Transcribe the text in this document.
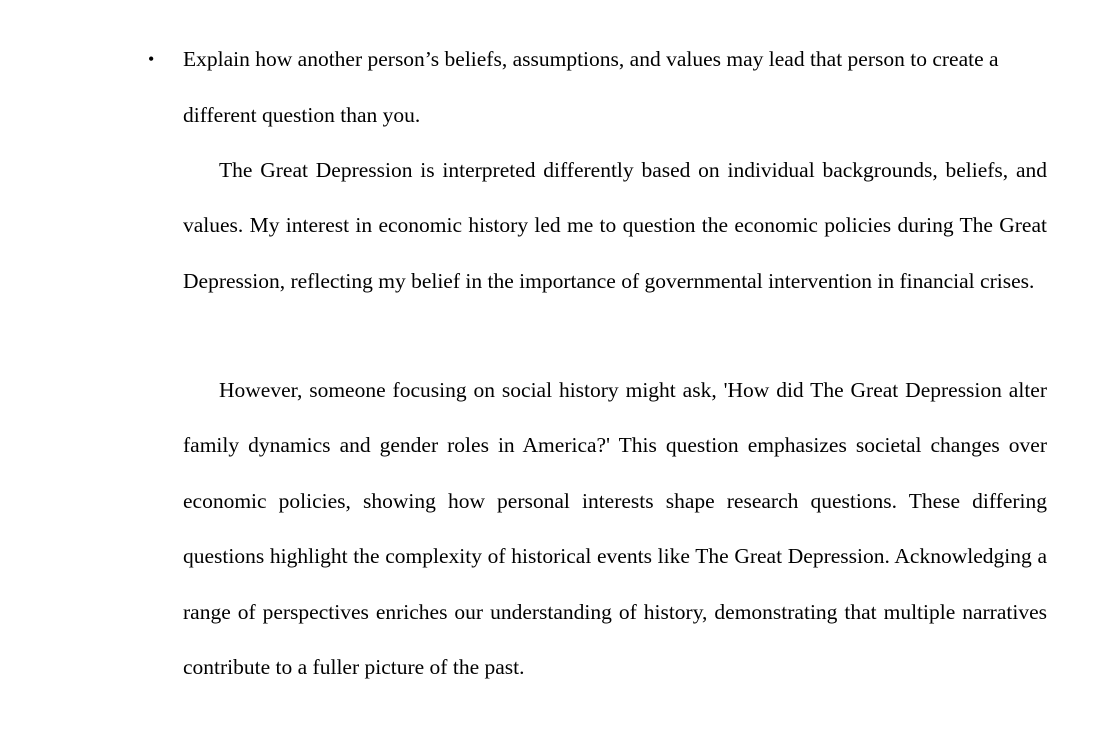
• Explain how another person’s beliefs, assumptions, and values may lead that person to create a different question than you.

The Great Depression is interpreted differently based on individual backgrounds, beliefs, and values. My interest in economic history led me to question the economic policies during The Great Depression, reflecting my belief in the importance of governmental intervention in financial crises.

However, someone focusing on social history might ask, 'How did The Great Depression alter family dynamics and gender roles in America?' This question emphasizes societal changes over economic policies, showing how personal interests shape research questions. These differing questions highlight the complexity of historical events like The Great Depression. Acknowledging a range of perspectives enriches our understanding of history, demonstrating that multiple narratives contribute to a fuller picture of the past.
